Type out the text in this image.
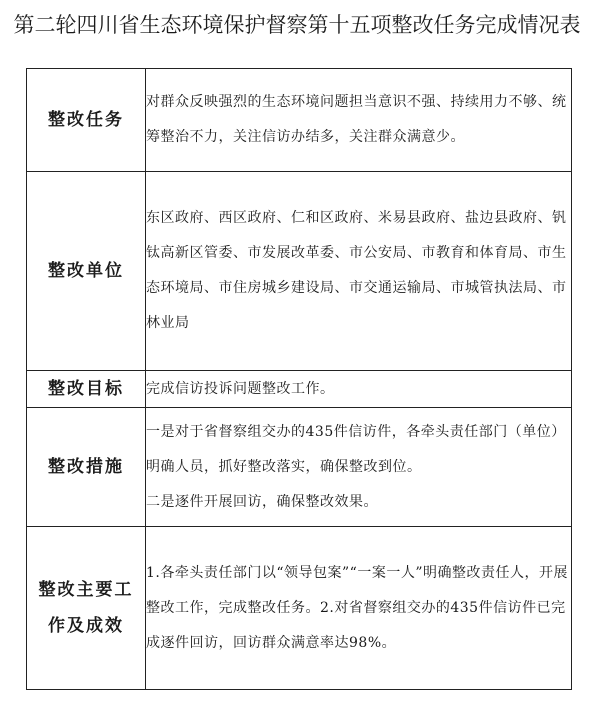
第二轮四川省生态环境保护督察第十五项整改任务完成情况表
整改任务	对群众反映强烈的生态环境问题担当意识不强、持续用力不够、统筹整治不力，关注信访办结多，关注群众满意少。

整改单位	东区政府、西区政府、仁和区政府、米易县政府、盐边县政府、钒钛高新区管委、市发展改革委、市公安局、市教育和体育局、市生态环境局、市住房城乡建设局、市交通运输局、市城管执法局、市林业局

整改目标	完成信访投诉问题整改工作。

整改措施	一是对于省督察组交办的435件信访件，各牵头责任部门（单位）明确人员，抓好整改落实，确保整改到位。

二是逐件开展回访，确保整改效果。

整改主要工
作及成效	1.各牵头责任部门以“领导包案”“一案一人”明确整改责任人，开展整改工作，完成整改任务。2.对省督察组交办的435件信访件已完成逐件回访，回访群众满意率达98%。
